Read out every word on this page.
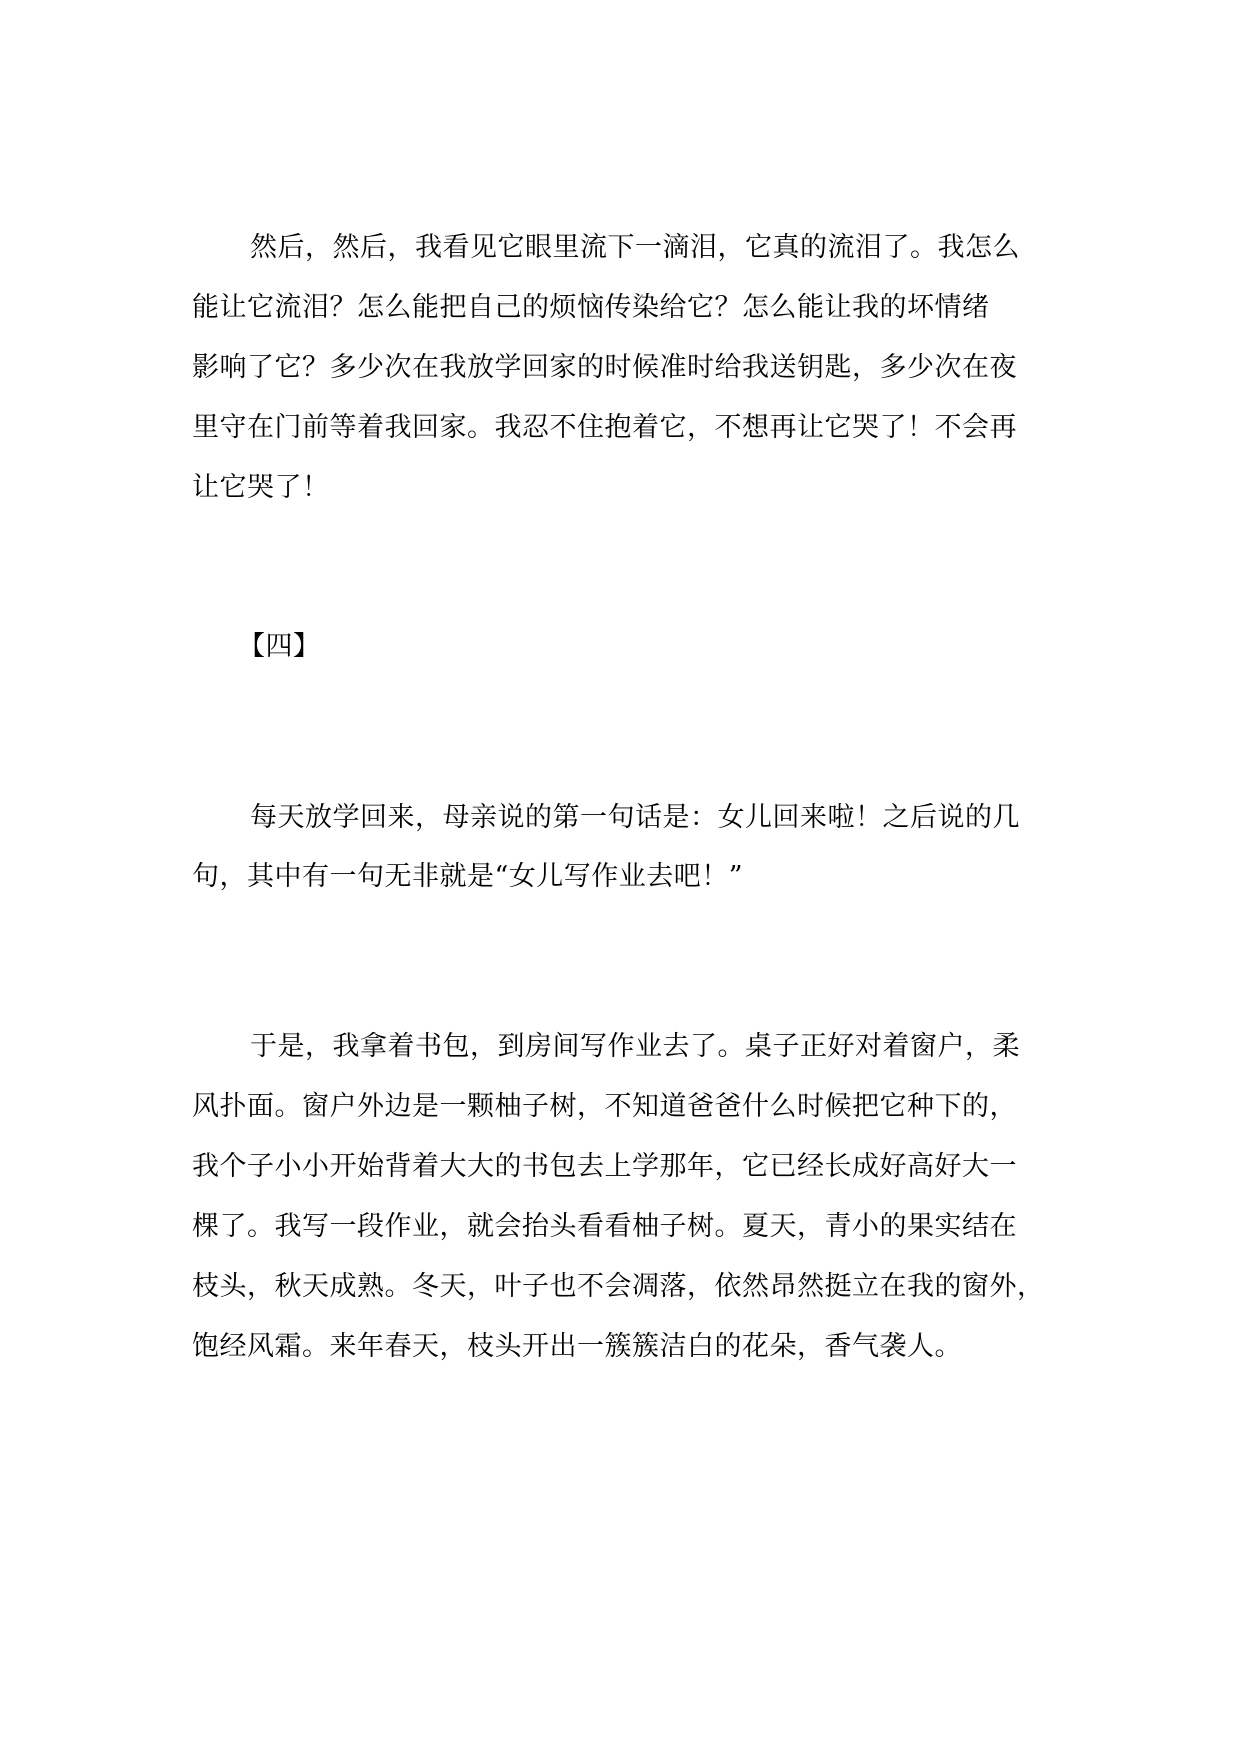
然后，然后，我看见它眼里流下一滴泪，它真的流泪了。我怎么
能让它流泪？怎么能把自己的烦恼传染给它？怎么能让我的坏情绪
影响了它？多少次在我放学回家的时候准时给我送钥匙，多少次在夜
里守在门前等着我回家。我忍不住抱着它，不想再让它哭了！不会再
让它哭了！
【四】
每天放学回来，母亲说的第一句话是：女儿回来啦！之后说的几
句，其中有一句无非就是“女儿写作业去吧！”
于是，我拿着书包，到房间写作业去了。桌子正好对着窗户，柔
风扑面。窗户外边是一颗柚子树，不知道爸爸什么时候把它种下的，
我个子小小开始背着大大的书包去上学那年，它已经长成好高好大一
棵了。我写一段作业，就会抬头看看柚子树。夏天，青小的果实结在
枝头，秋天成熟。冬天，叶子也不会凋落，依然昂然挺立在我的窗外，
饱经风霜。来年春天，枝头开出一簇簇洁白的花朵，香气袭人。
